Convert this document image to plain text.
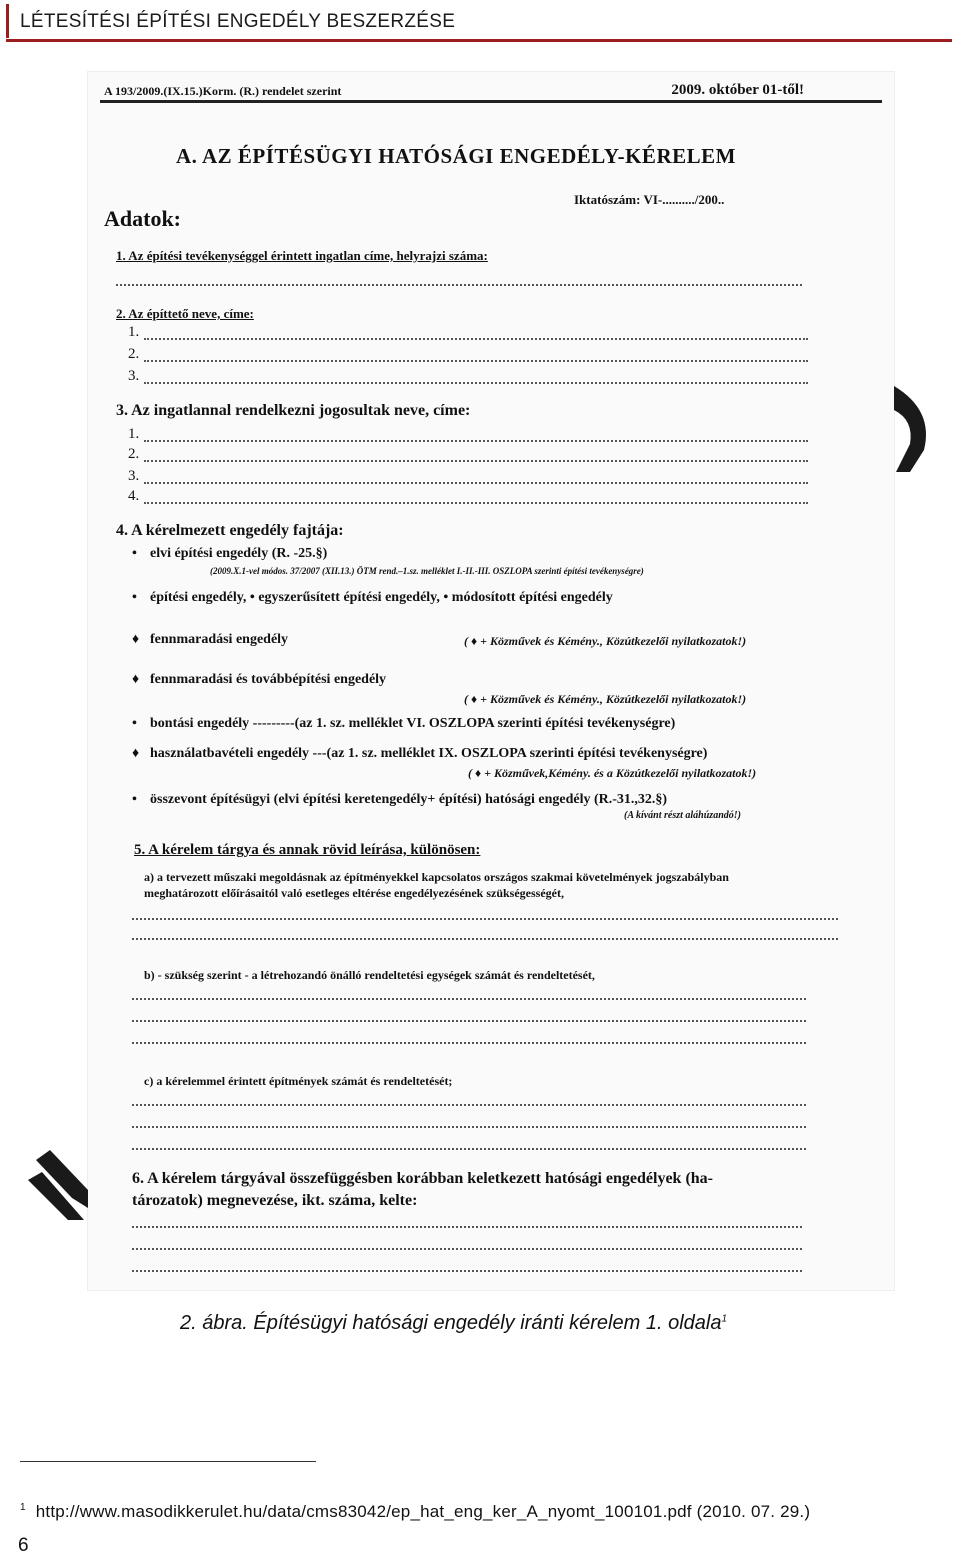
LÉTESÍTÉSI ÉPÍTÉSI ENGEDÉLY BESZERZÉSE
A 193/2009.(IX.15.)Korm. (R.) rendelet szerint	2009. október 01-től!
A. AZ ÉPÍTÉSÜGYI HATÓSÁGI ENGEDÉLY-KÉRELEM
Adatok:
Iktatószám: VI-........../200..
1. Az építési tevékenységgel érintett ingatlan címe, helyrajzi száma:
2. Az építtető neve, címe:
1.
2.
3.
3. Az ingatlannal rendelkezni jogosultak neve, címe:
1.
2.
3.
4.
4. A kérelmezett engedély fajtája:
• elvi építési engedély (R. -25.§)
(2009.X.1-vel módos. 37/2007 (XII.13.) ÖTM rend.–1.sz. melléklet I.-II.-III. OSZLOPA szerinti építési tevékenységre)
• építési engedély, • egyszerűsített építési engedély, • módosított építési engedély
♦ fennmaradási engedély	( ♦ + Közművek és Kémény., Közútkezelői nyilatkozatok!)
♦ fennmaradási és továbbépítési engedély
( ♦ + Közművek és Kémény., Közútkezelői nyilatkozatok!)
• bontási engedély ---------(az 1. sz. melléklet VI. OSZLOPA szerinti építési tevékenységre)
♦ használatbavételi engedély ---(az 1. sz. melléklet IX. OSZLOPA szerinti építési tevékenységre)
( ♦ + Közművek,Kémény. és a Közútkezelői nyilatkozatok!)
• összevont építésügyi (elvi építési keretengedély+ építési) hatósági engedély (R.-31.,32.§)
(A kívánt részt aláhúzandó!)
5. A kérelem tárgya és annak rövid leírása, különösen:
a) a tervezett műszaki megoldásnak az építményekkel kapcsolatos országos szakmai követelmények jogszabályban
meghatározott előírásaitól való esetleges eltérése engedélyezésének szükségességét,
b) - szükség szerint - a létrehozandó önálló rendeltetési egységek számát és rendeltetését,
c) a kérelemmel érintett építmények számát és rendeltetését;
6. A kérelem tárgyával összefüggésben korábban keletkezett hatósági engedélyek (ha-
tározatok) megnevezése, ikt. száma, kelte:
2. ábra. Építésügyi hatósági engedély iránti kérelem 1. oldala$^1$
$^1$ http://www.masodikkerulet.hu/data/cms83042/ep_hat_eng_ker_A_nyomt_100101.pdf (2010. 07. 29.)
6
